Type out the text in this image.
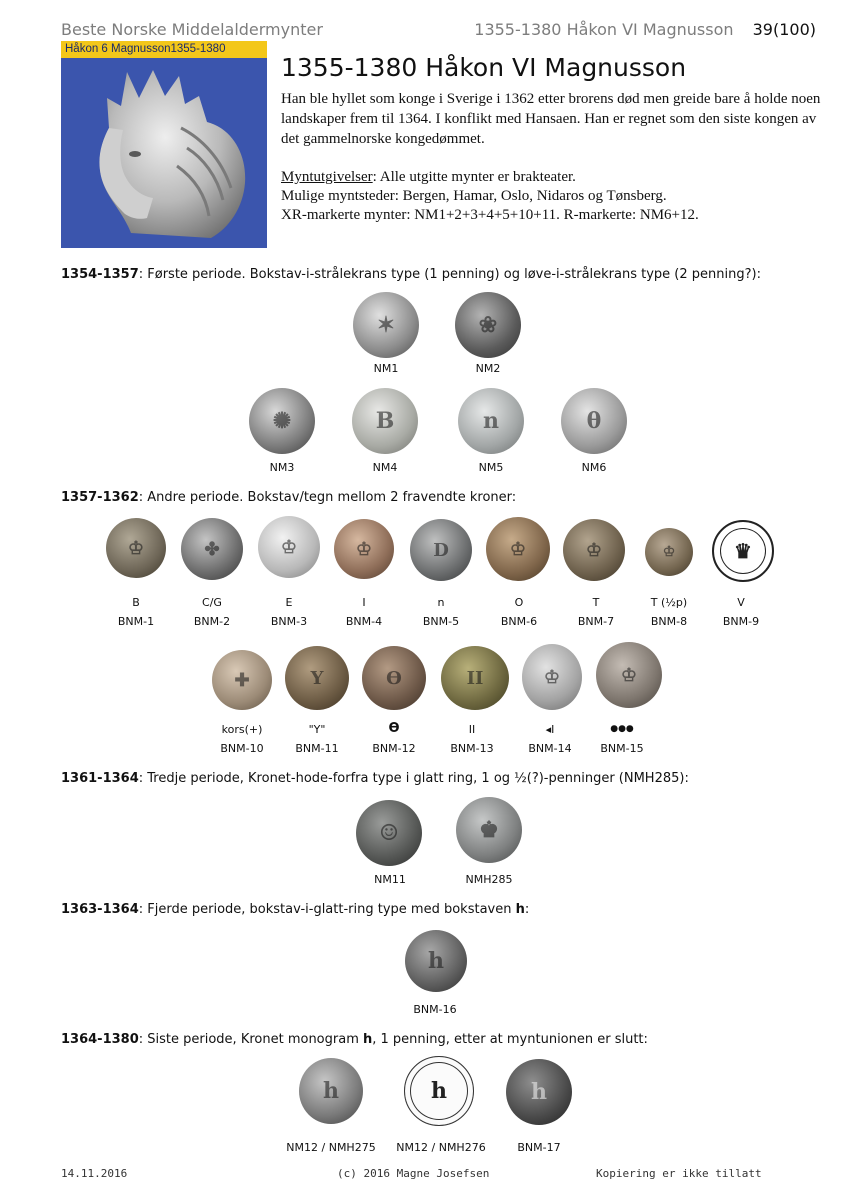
Beste Norske Middelaldermynter	1355-1380 Håkon VI Magnusson 39(100)
Håkon 6 Magnusson1355-1380
1355-1380 Håkon VI Magnusson
Han ble hyllet som konge i Sverige i 1362 etter brorens død men greide bare å holde noen landskaper frem til 1364. I konflikt med Hansaen. Han er regnet som den siste kongen av det gammelnorske kongedømmet.
Myntutgivelser: Alle utgitte mynter er brakteater.
Mulige myntsteder: Bergen, Hamar, Oslo, Nidaros og Tønsberg.
XR-markerte mynter: NM1+2+3+4+5+10+11. R-markerte: NM6+12.
1354-1357: Første periode. Bokstav-i-strålekrans type (1 penning) og løve-i-strålekrans type (2 penning?):
✶	❀
NM1	NM2
✺	B	n	θ
NM3	NM4	NM5	NM6
1357-1362: Andre periode. Bokstav/tegn mellom 2 fravendte kroner:
♔	✤	♔	♔	D	♔	♔	♔	♛
B	C/G	E	I	n	O	T	T (½p)	V
BNM-1	BNM-2	BNM-3	BNM-4	BNM-5	BNM-6	BNM-7	BNM-8	BNM-9
✚	Y	ϴ	II	♔	♔
kors(+)	"Y"	ϴ	II	◂I	●●●
BNM-10	BNM-11	BNM-12	BNM-13	BNM-14	BNM-15
1361-1364: Tredje periode, Kronet-hode-forfra type i glatt ring, 1 og ½(?)-penninger (NMH285):
☺	♚
NM11	NMH285
1363-1364: Fjerde periode, bokstav-i-glatt-ring type med bokstaven h:
h
BNM-16
1364-1380: Siste periode, Kronet monogram h, 1 penning, etter at myntunionen er slutt:
h	h	h
NM12 / NMH275	NM12 / NMH276	BNM-17
14.11.2016	(c) 2016 Magne Josefsen	Kopiering er ikke tillatt
